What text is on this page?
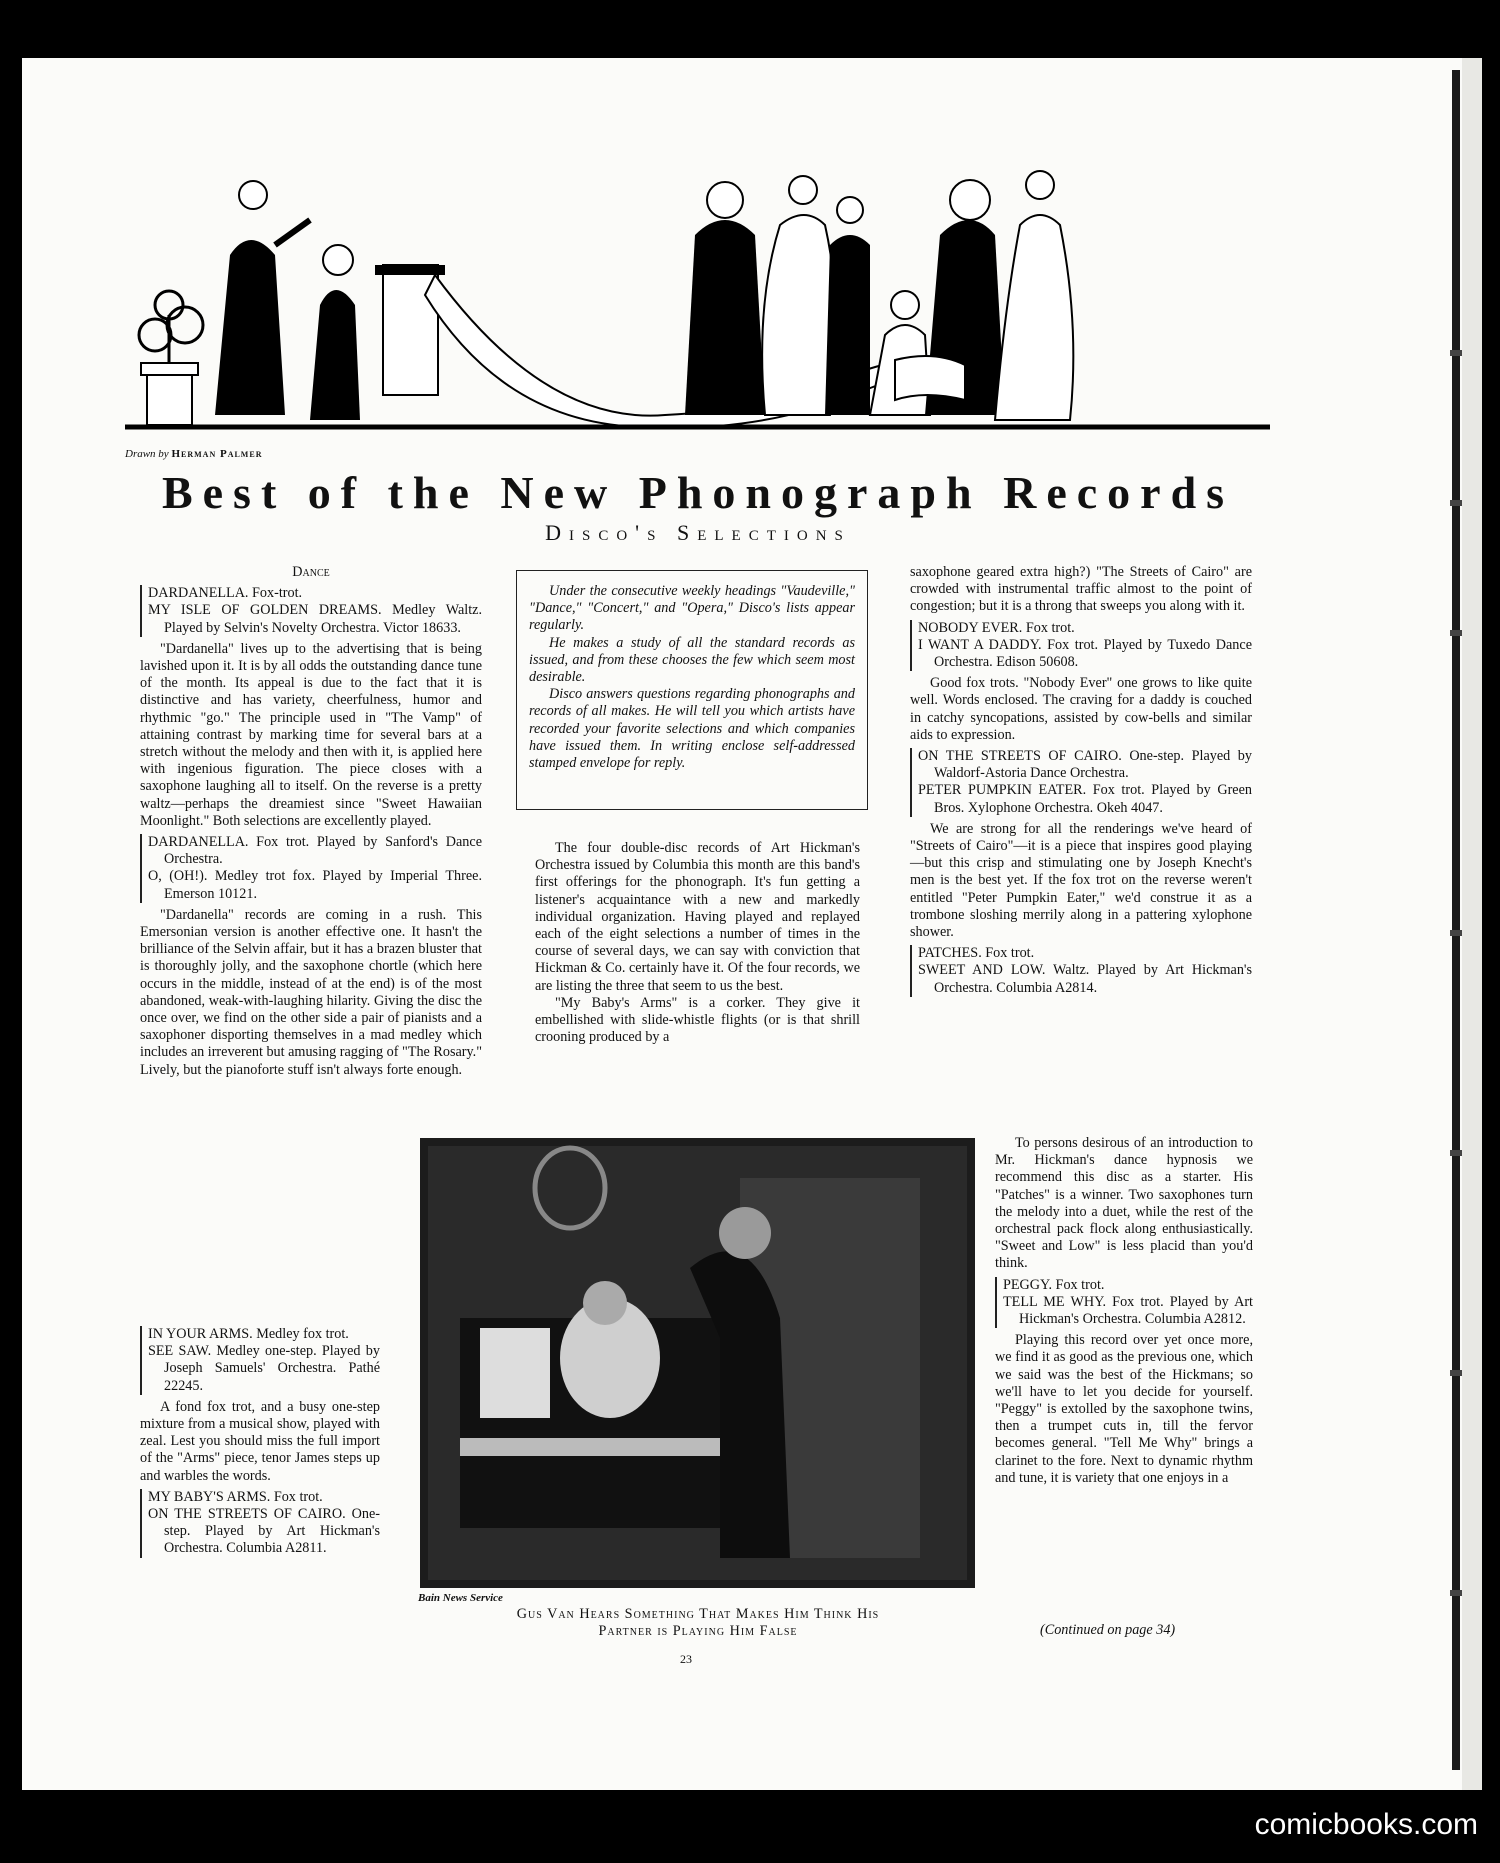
Drawn by Herman Palmer
Best of the New Phonograph Records
Disco's Selections

Dance

DARDANELLA. Fox-trot.

MY ISLE OF GOLDEN DREAMS. Medley Waltz. Played by Selvin's Novelty Orchestra. Victor 18633.

"Dardanella" lives up to the advertising that is being lavished upon it. It is by all odds the outstanding dance tune of the month. Its appeal is due to the fact that it is distinctive and has variety, cheerfulness, humor and rhythmic "go." The principle used in "The Vamp" of attaining contrast by marking time for several bars at a stretch without the melody and then with it, is applied here with ingenious figuration. The piece closes with a saxophone laughing all to itself. On the reverse is a pretty waltz—perhaps the dreamiest since "Sweet Hawaiian Moonlight." Both selections are excellently played.

DARDANELLA. Fox trot. Played by Sanford's Dance Orchestra.

O, (OH!). Medley trot fox. Played by Imperial Three. Emerson 10121.

"Dardanella" records are coming in a rush. This Emersonian version is another effective one. It hasn't the brilliance of the Selvin affair, but it has a brazen bluster that is thoroughly jolly, and the saxophone chortle (which here occurs in the middle, instead of at the end) is of the most abandoned, weak-with-laughing hilarity. Giving the disc the once over, we find on the other side a pair of pianists and a saxophoner disporting themselves in a mad medley which includes an irreverent but amusing ragging of "The Rosary." Lively, but the pianoforte stuff isn't always forte enough.

IN YOUR ARMS. Medley fox trot.

SEE SAW. Medley one-step. Played by Joseph Samuels' Orchestra. Pathé 22245.

A fond fox trot, and a busy one-step mixture from a musical show, played with zeal. Lest you should miss the full import of the "Arms" piece, tenor James steps up and warbles the words.

MY BABY'S ARMS. Fox trot.

ON THE STREETS OF CAIRO. One-step. Played by Art Hickman's Orchestra. Columbia A2811.

Under the consecutive weekly headings "Vaudeville," "Dance," "Concert," and "Opera," Disco's lists appear regularly.

He makes a study of all the standard records as issued, and from these chooses the few which seem most desirable.

Disco answers questions regarding phonographs and records of all makes. He will tell you which artists have recorded your favorite selections and which companies have issued them. In writing enclose self-addressed stamped envelope for reply.

The four double-disc records of Art Hickman's Orchestra issued by Columbia this month are this band's first offerings for the phonograph. It's fun getting a listener's acquaintance with a new and markedly individual organization. Having played and replayed each of the eight selections a number of times in the course of several days, we can say with conviction that Hickman & Co. certainly have it. Of the four records, we are listing the three that seem to us the best.

"My Baby's Arms" is a corker. They give it embellished with slide-whistle flights (or is that shrill crooning produced by a

saxophone geared extra high?) "The Streets of Cairo" are crowded with instrumental traffic almost to the point of congestion; but it is a throng that sweeps you along with it.

NOBODY EVER. Fox trot.

I WANT A DADDY. Fox trot. Played by Tuxedo Dance Orchestra. Edison 50608.

Good fox trots. "Nobody Ever" one grows to like quite well. Words enclosed. The craving for a daddy is couched in catchy syncopations, assisted by cow-bells and similar aids to expression.

ON THE STREETS OF CAIRO. One-step. Played by Waldorf-Astoria Dance Orchestra.

PETER PUMPKIN EATER. Fox trot. Played by Green Bros. Xylophone Orchestra. Okeh 4047.

We are strong for all the renderings we've heard of "Streets of Cairo"—it is a piece that inspires good playing—but this crisp and stimulating one by Joseph Knecht's men is the best yet. If the fox trot on the reverse weren't entitled "Peter Pumpkin Eater," we'd construe it as a trombone sloshing merrily along in a pattering xylophone shower.

PATCHES. Fox trot.

SWEET AND LOW. Waltz. Played by Art Hickman's Orchestra. Columbia A2814.

To persons desirous of an introduction to Mr. Hickman's dance hypnosis we recommend this disc as a starter. His "Patches" is a winner. Two saxophones turn the melody into a duet, while the rest of the orchestral pack flock along enthusiastically. "Sweet and Low" is less placid than you'd think.

PEGGY. Fox trot.

TELL ME WHY. Fox trot. Played by Art Hickman's Orchestra. Columbia A2812.

Playing this record over yet once more, we find it as good as the previous one, which we said was the best of the Hickmans; so we'll have to let you decide for yourself. "Peggy" is extolled by the saxophone twins, then a trumpet cuts in, till the fervor becomes general. "Tell Me Why" brings a clarinet to the fore. Next to dynamic rhythm and tune, it is variety that one enjoys in a

Bain News Service
Gus Van Hears Something That Makes Him Think His
Partner is Playing Him False	(Continued on page 34)
23
comicbooks.com
